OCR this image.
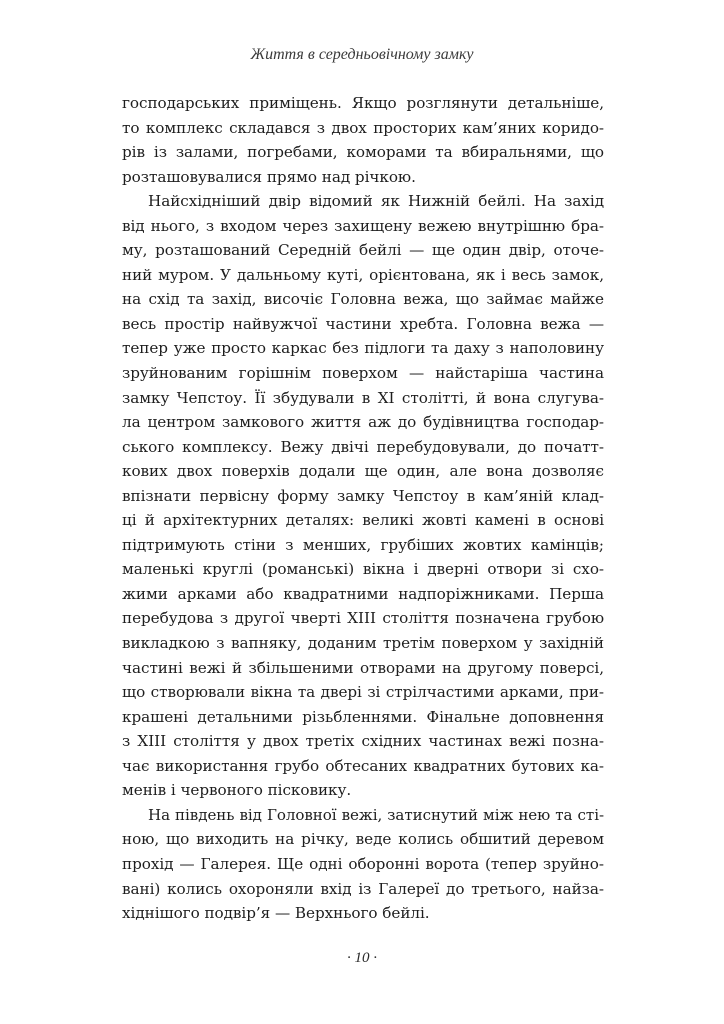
Життя в середньовічному замку
господарських приміщень. Якщо розглянути детальніше,
то комплекс складався з двох просторих кам’яних коридо-
рів із залами, погребами, коморами та вбиральнями, що
розташовувалися прямо над річкою.
Найсхідніший двір відомий як Нижній бейлі. На захід
від нього, з входом через захищену вежею внутрішню бра-
му, розташований Середній бейлі — ще один двір, оточе-
ний муром. У дальньому куті, орієнтована, як і весь замок,
на схід та захід, височіє Головна вежа, що займає майже
весь простір найвужчої частини хребта. Головна вежа —
тепер уже просто каркас без підлоги та даху з наполовину
зруйнованим горішнім поверхом — найстаріша частина
замку Чепстоу. Її збудували в XI столітті, й вона слугува-
ла центром замкового життя аж до будівництва господар-
ського комплексу. Вежу двічі перебудовували, до початт-
кових двох поверхів додали ще один, але вона дозволяє
впізнати первісну форму замку Чепстоу в кам’яній клад-
ці й архітектурних деталях: великі жовті камені в основі
підтримують стіни з менших, грубіших жовтих камінців;
маленькі круглі (романські) вікна і дверні отвори зі схо-
жими арками або квадратними надпоріжниками. Перша
перебудова з другої чверті XIII століття позначена грубою
викладкою з вапняку, доданим третім поверхом у західній
частині вежі й збільшеними отворами на другому поверсі,
що створювали вікна та двері зі стрілчастими арками, при-
крашені детальними різьбленнями. Фінальне доповнення
з XIII століття у двох третіх східних частинах вежі позна-
чає використання грубо обтесаних квадратних бутових ка-
менів і червоного пісковику.
На південь від Головної вежі, затиснутий між нею та сті-
ною, що виходить на річку, веде колись обшитий деревом
прохід — Галерея. Ще одні оборонні ворота (тепер зруйно-
вані) колись охороняли вхід із Галереї до третього, найза-
хіднішого подвір’я — Верхнього бейлі.
· 10 ·
